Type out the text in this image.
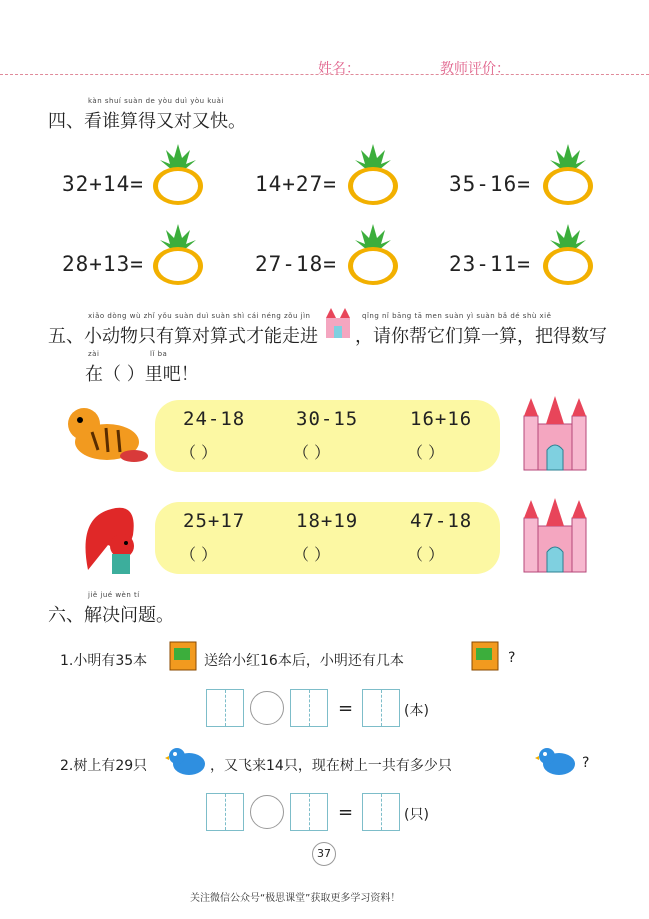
姓名：	教师评价：
kàn shuí suàn de yòu duì yòu kuài
四、看谁算得又对又快。
32+14=	14+27=	35-16=
28+13=	27-18=	23-11=
xiǎo dòng wù zhǐ yǒu suàn duì suàn shì cái néng zǒu jìn
五、小动物只有算对算式才能走进
qǐng nǐ bāng tā men suàn yì suàn bǎ dé shù xiě
，请你帮它们算一算，把得数写
zài	lǐ ba
在（ ）里吧！
24-18	30-15	16+16
（ ）	（ ）	（ ）
25+17	18+19	47-18
（ ）	（ ）	（ ）
jiě jué wèn tí
六、解决问题。
1.小明有35本	送给小红16本后，小明还有几本	?
=	(本)
2.树上有29只	，又飞来14只，现在树上一共有多少只	?
=	(只)
37
关注微信公众号“极思课堂”获取更多学习资料！
